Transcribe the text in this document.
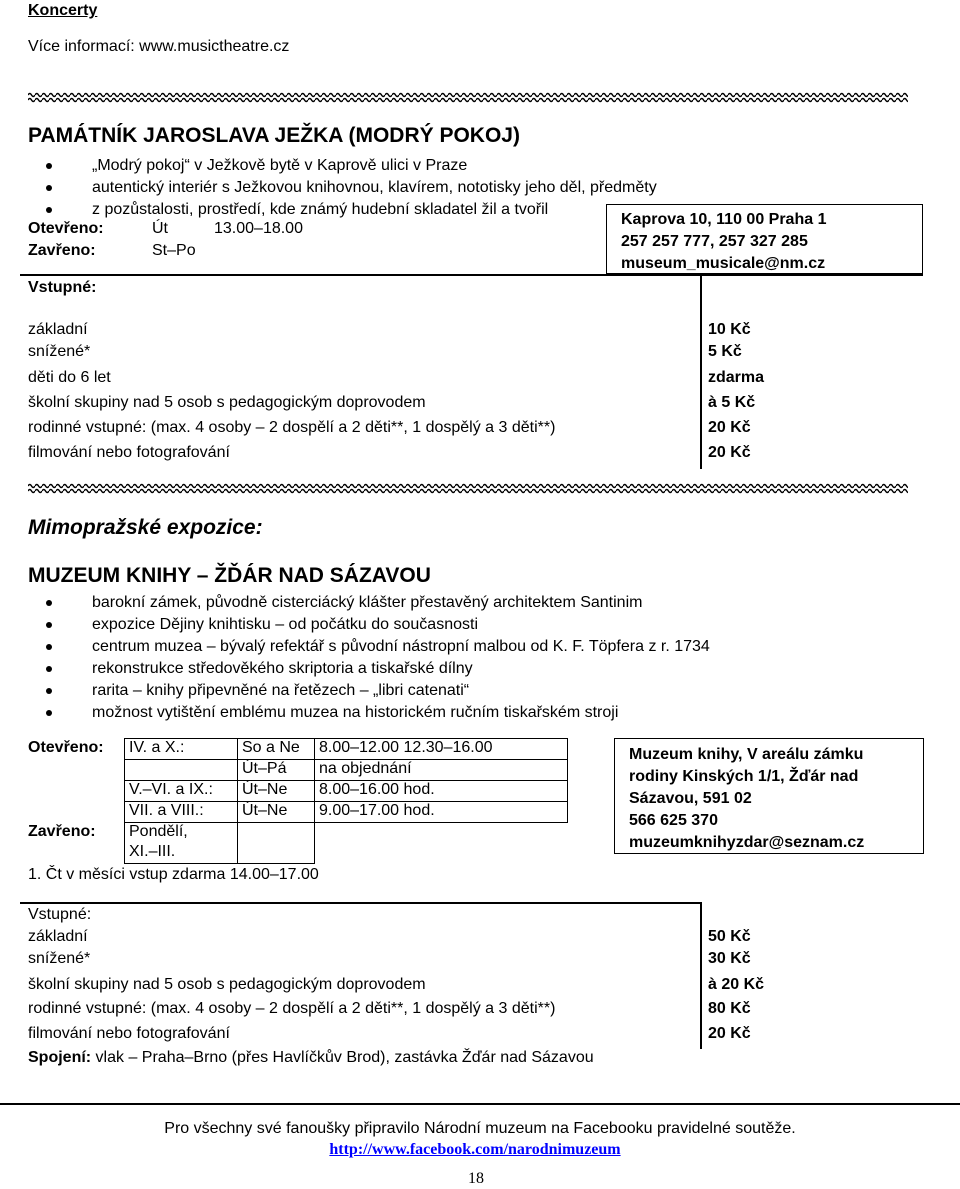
Koncerty
Více informací: www.musictheatre.cz
PAMÁTNÍK JAROSLAVA JEŽKA (MODRÝ POKOJ)
„Modrý pokoj“ v Ježkově bytě v Kaprově ulici v Praze
autentický interiér s Ježkovou knihovnou, klavírem, nototisky jeho děl, předměty
z pozůstalosti, prostředí, kde známý hudební skladatel žil a tvořil
Otevřeno:	Út	13.00–18.00
Zavřeno:	St–Po
Kaprova 10, 110 00 Praha 1
257 257 777, 257 327 285
museum_musicale@nm.cz
Vstupné:
základní	10 Kč
snížené*	5 Kč
děti do 6 let	zdarma
školní skupiny nad 5 osob s pedagogickým doprovodem	à 5 Kč
rodinné vstupné: (max. 4 osoby – 2 dospělí a 2 děti**, 1 dospělý a 3 děti**)	20 Kč
filmování nebo fotografování	20 Kč
Mimopražské expozice:
MUZEUM KNIHY – ŽĎÁR NAD SÁZAVOU
barokní zámek, původně cisterciácký klášter přestavěný architektem Santinim
expozice Dějiny knihtisku – od počátku do současnosti
centrum muzea – bývalý refektář s původní nástropní malbou od K. F. Töpfera z r. 1734
rekonstrukce středověkého skriptoria a tiskařské dílny
rarita – knihy připevněné na řetězech – „libri catenati“
možnost vytištění emblému muzea na historickém ručním tiskařském stroji
Otevřeno:	IV. a X.:	So a Ne	8.00–12.00 12.30–16.00
		Út–Pá	na objednání
	V.–VI. a IX.:	Út–Ne	8.00–16.00 hod.
	VII. a VIII.:	Út–Ne	9.00–17.00 hod.
Zavřeno:	Pondělí,		
	XI.–III.		
1. Čt v měsíci vstup zdarma 14.00–17.00
Muzeum knihy, V areálu zámku
rodiny Kinských 1/1, Žďár nad
Sázavou, 591 02
566 625 370
muzeumknihyzdar@seznam.cz
Vstupné:
základní	50 Kč
snížené*	30 Kč
školní skupiny nad 5 osob s pedagogickým doprovodem	à 20 Kč
rodinné vstupné: (max. 4 osoby – 2 dospělí a 2 děti**, 1 dospělý a 3 děti**)	80 Kč
filmování nebo fotografování	20 Kč
Spojení: vlak – Praha–Brno (přes Havlíčkův Brod), zastávka Žďár nad Sázavou
Pro všechny své fanoušky připravilo Národní muzeum na Facebooku pravidelné soutěže.
http://www.facebook.com/narodnimuzeum
18
